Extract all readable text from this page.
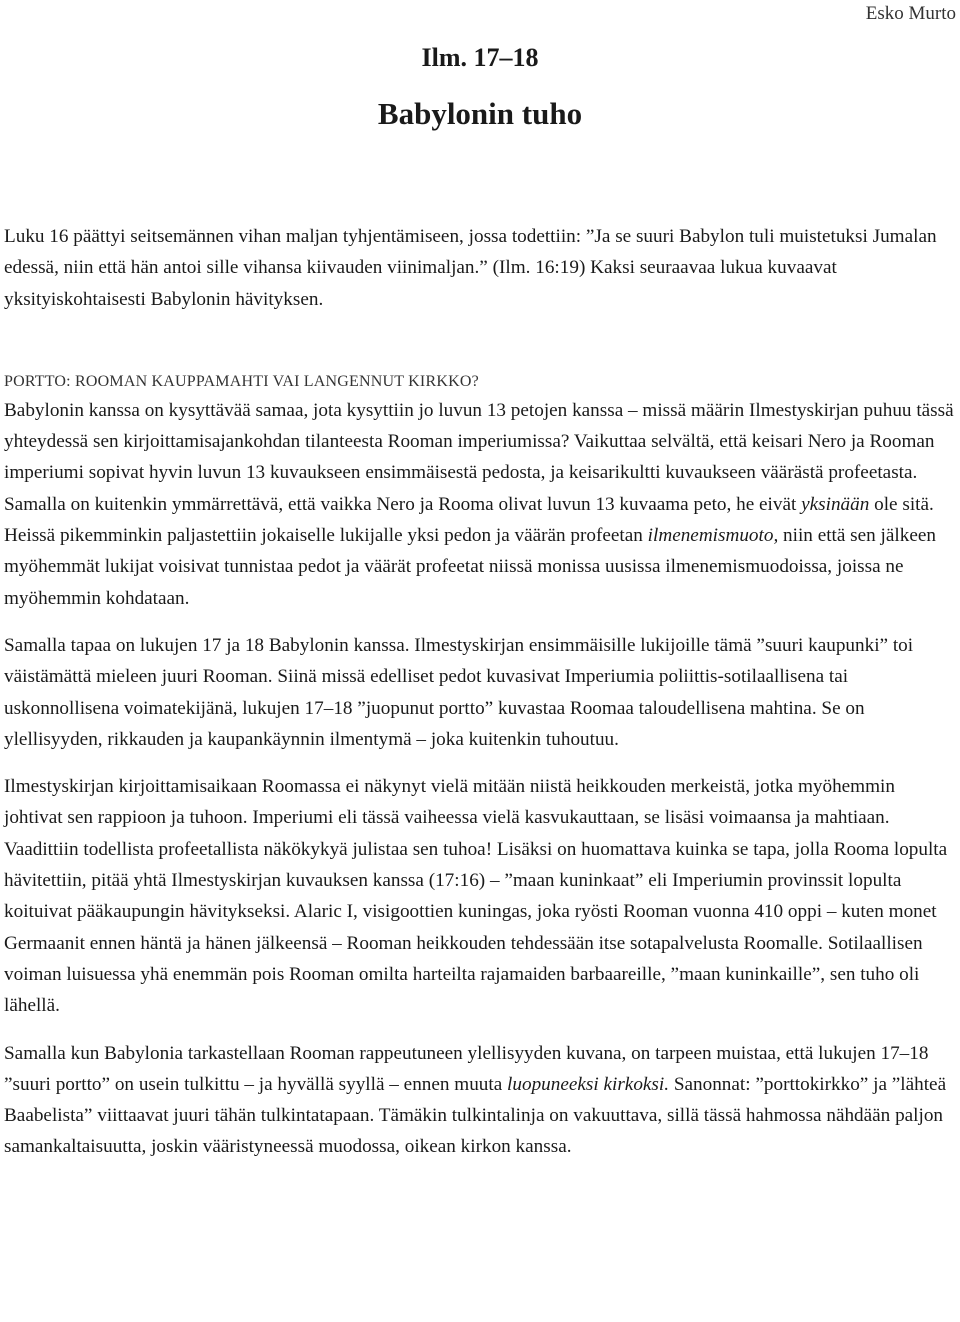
Esko Murto

Ilm. 17–18
Babylonin tuho

Luku 16 päättyi seitsemännen vihan maljan tyhjentämiseen, jossa todettiin: ”Ja se suuri Babylon tuli muistetuksi Jumalan edessä, niin että hän antoi sille vihansa kiivauden viinimaljan.” (Ilm. 16:19) Kaksi seuraavaa lukua kuvaavat yksityiskohtaisesti Babylonin hävityksen.

PORTTO: ROOMAN KAUPPAMAHTI VAI LANGENNUT KIRKKO?

Babylonin kanssa on kysyttävää samaa, jota kysyttiin jo luvun 13 petojen kanssa – missä määrin Ilmestyskirjan puhuu tässä yhteydessä sen kirjoittamisajankohdan tilanteesta Rooman imperiumissa? Vaikuttaa selvältä, että keisari Nero ja Rooman imperiumi sopivat hyvin luvun 13 kuvaukseen ensimmäisestä pedosta, ja keisarikultti kuvaukseen väärästä profeetasta. Samalla on kuitenkin ymmärrettävä, että vaikka Nero ja Rooma olivat luvun 13 kuvaama peto, he eivät yksinään ole sitä. Heissä pikemminkin paljastettiin jokaiselle lukijalle yksi pedon ja väärän profeetan ilmenemismuoto, niin että sen jälkeen myöhemmät lukijat voisivat tunnistaa pedot ja väärät profeetat niissä monissa uusissa ilmenemismuodoissa, joissa ne myöhemmin kohdataan.

Samalla tapaa on lukujen 17 ja 18 Babylonin kanssa. Ilmestyskirjan ensimmäisille lukijoille tämä ”suuri kaupunki” toi väistämättä mieleen juuri Rooman. Siinä missä edelliset pedot kuvasivat Imperiumia poliittis-sotilaallisena tai uskonnollisena voimatekijänä, lukujen 17–18 ”juopunut portto” kuvastaa Roomaa taloudellisena mahtina. Se on ylellisyyden, rikkauden ja kaupankäynnin ilmentymä – joka kuitenkin tuhoutuu.

Ilmestyskirjan kirjoittamisaikaan Roomassa ei näkynyt vielä mitään niistä heikkouden merkeistä, jotka myöhemmin johtivat sen rappioon ja tuhoon. Imperiumi eli tässä vaiheessa vielä kasvukauttaan, se lisäsi voimaansa ja mahtiaan. Vaadittiin todellista profeetallista näkökykyä julistaa sen tuhoa! Lisäksi on huomattava kuinka se tapa, jolla Rooma lopulta hävitettiin, pitää yhtä Ilmestyskirjan kuvauksen kanssa (17:16) – ”maan kuninkaat” eli Imperiumin provinssit lopulta koituivat pääkaupungin hävitykseksi. Alaric I, visigoottien kuningas, joka ryösti Rooman vuonna 410 oppi – kuten monet Germaanit ennen häntä ja hänen jälkeensä – Rooman heikkouden tehdessään itse sotapalvelusta Roomalle. Sotilaallisen voiman luisuessa yhä enemmän pois Rooman omilta harteilta rajamaiden barbaareille, ”maan kuninkaille”, sen tuho oli lähellä.

Samalla kun Babylonia tarkastellaan Rooman rappeutuneen ylellisyyden kuvana, on tarpeen muistaa, että lukujen 17–18 ”suuri portto” on usein tulkittu – ja hyvällä syyllä – ennen muuta luopuneeksi kirkoksi. Sanonnat: ”porttokirkko” ja ”lähteä Baabelista” viittaavat juuri tähän tulkintatapaan. Tämäkin tulkintalinja on vakuuttava, sillä tässä hahmossa nähdään paljon samankaltaisuutta, joskin vääristyneessä muodossa, oikean kirkon kanssa.
